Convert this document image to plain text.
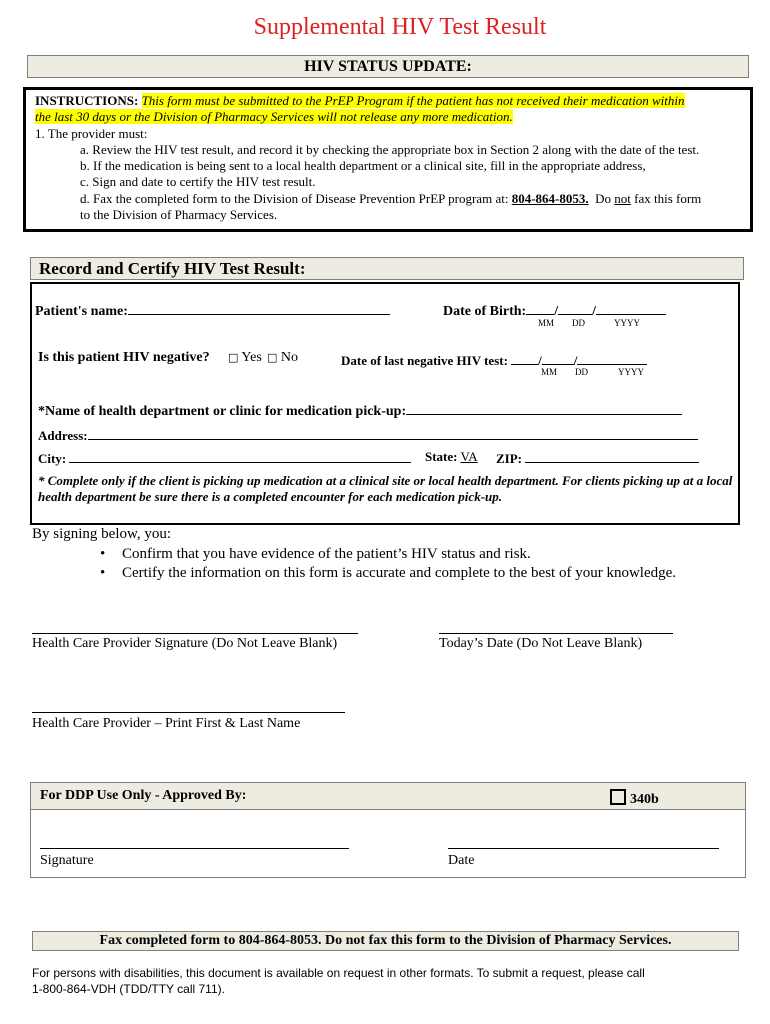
Supplemental HIV Test Result
HIV STATUS UPDATE:
INSTRUCTIONS: This form must be submitted to the PrEP Program if the patient has not received their medication within
the last 30 days or the Division of Pharmacy Services will not release any more medication.
1. The provider must:
a. Review the HIV test result, and record it by checking the appropriate box in Section 2 along with the date of the test.
b. If the medication is being sent to a local health department or a clinical site, fill in the appropriate address,
c. Sign and date to certify the HIV test result.
d. Fax the completed form to the Division of Disease Prevention PrEP program at: 804-864-8053. Do not fax this form
to the Division of Pharmacy Services.
Record and Certify HIV Test Result:
Patient's name:	Date of Birth: / /
MM DD	YYYY
Is this patient HIV negative? □ Yes □ No	Date of last negative HIV test: / /
MM DD	YYYY
*Name of health department or clinic for medication pick-up:
Address:
City:	State: VA ZIP:
* Complete only if the client is picking up medication at a clinical site or local health department. For clients picking up at a local health department be sure there is a completed encounter for each medication pick-up.
By signing below, you:
• Confirm that you have evidence of the patient’s HIV status and risk.
• Certify the information on this form is accurate and complete to the best of your knowledge.
Health Care Provider Signature (Do Not Leave Blank)	Today’s Date (Do Not Leave Blank)
Health Care Provider – Print First & Last Name
For DDP Use Only - Approved By:	340b
Signature	Date
Fax completed form to 804-864-8053. Do not fax this form to the Division of Pharmacy Services.
For persons with disabilities, this document is available on request in other formats. To submit a request, please call
1-800-864-VDH (TDD/TTY call 711).
